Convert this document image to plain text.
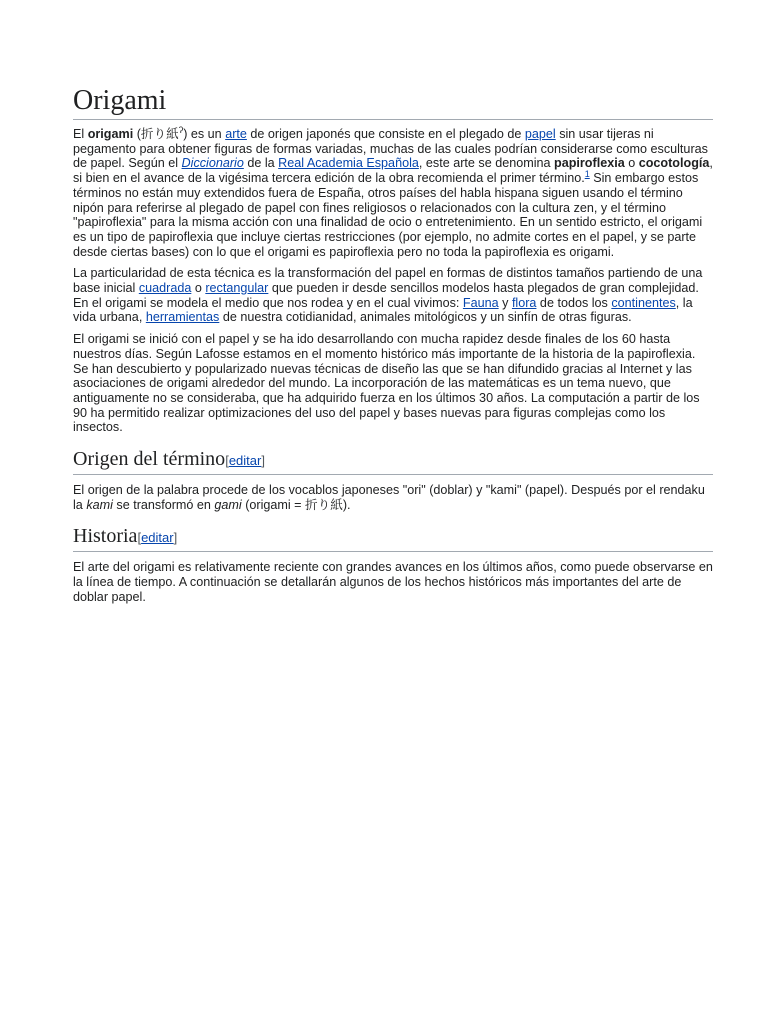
Origami

El origami (折り紙$^ʔ$) es un arte de origen japonés que consiste en el plegado de papel sin usar tijeras ni pegamento para obtener figuras de formas variadas, muchas de las cuales podrían considerarse como esculturas de papel. Según el Diccionario de la Real Academia Española, este arte se denomina papiroflexia o cocotología, si bien en el avance de la vigésima tercera edición de la obra recomienda el primer término.$^1$ Sin embargo estos términos no están muy extendidos fuera de España, otros países del habla hispana siguen usando el término nipón para referirse al plegado de papel con fines religiosos o relacionados con la cultura zen, y el término "papiroflexia" para la misma acción con una finalidad de ocio o entretenimiento. En un sentido estricto, el origami es un tipo de papiroflexia que incluye ciertas restricciones (por ejemplo, no admite cortes en el papel, y se parte desde ciertas bases) con lo que el origami es papiroflexia pero no toda la papiroflexia es origami.

La particularidad de esta técnica es la transformación del papel en formas de distintos tamaños partiendo de una base inicial cuadrada o rectangular que pueden ir desde sencillos modelos hasta plegados de gran complejidad. En el origami se modela el medio que nos rodea y en el cual vivimos: Fauna y flora de todos los continentes, la vida urbana, herramientas de nuestra cotidianidad, animales mitológicos y un sinfín de otras figuras.

El origami se inició con el papel y se ha ido desarrollando con mucha rapidez desde finales de los 60 hasta nuestros días. Según Lafosse estamos en el momento histórico más importante de la historia de la papiroflexia. Se han descubierto y popularizado nuevas técnicas de diseño las que se han difundido gracias al Internet y las asociaciones de origami alrededor del mundo. La incorporación de las matemáticas es un tema nuevo, que antiguamente no se consideraba, que ha adquirido fuerza en los últimos 30 años. La computación a partir de los 90 ha permitido realizar optimizaciones del uso del papel y bases nuevas para figuras complejas como los insectos.

Origen del término[editar]

El origen de la palabra procede de los vocablos japoneses "ori" (doblar) y "kami" (papel). Después por el rendaku la kami se transformó en gami (origami = 折り紙).

Historia[editar]

El arte del origami es relativamente reciente con grandes avances en los últimos años, como puede observarse en la línea de tiempo. A continuación se detallarán algunos de los hechos históricos más importantes del arte de doblar papel.
